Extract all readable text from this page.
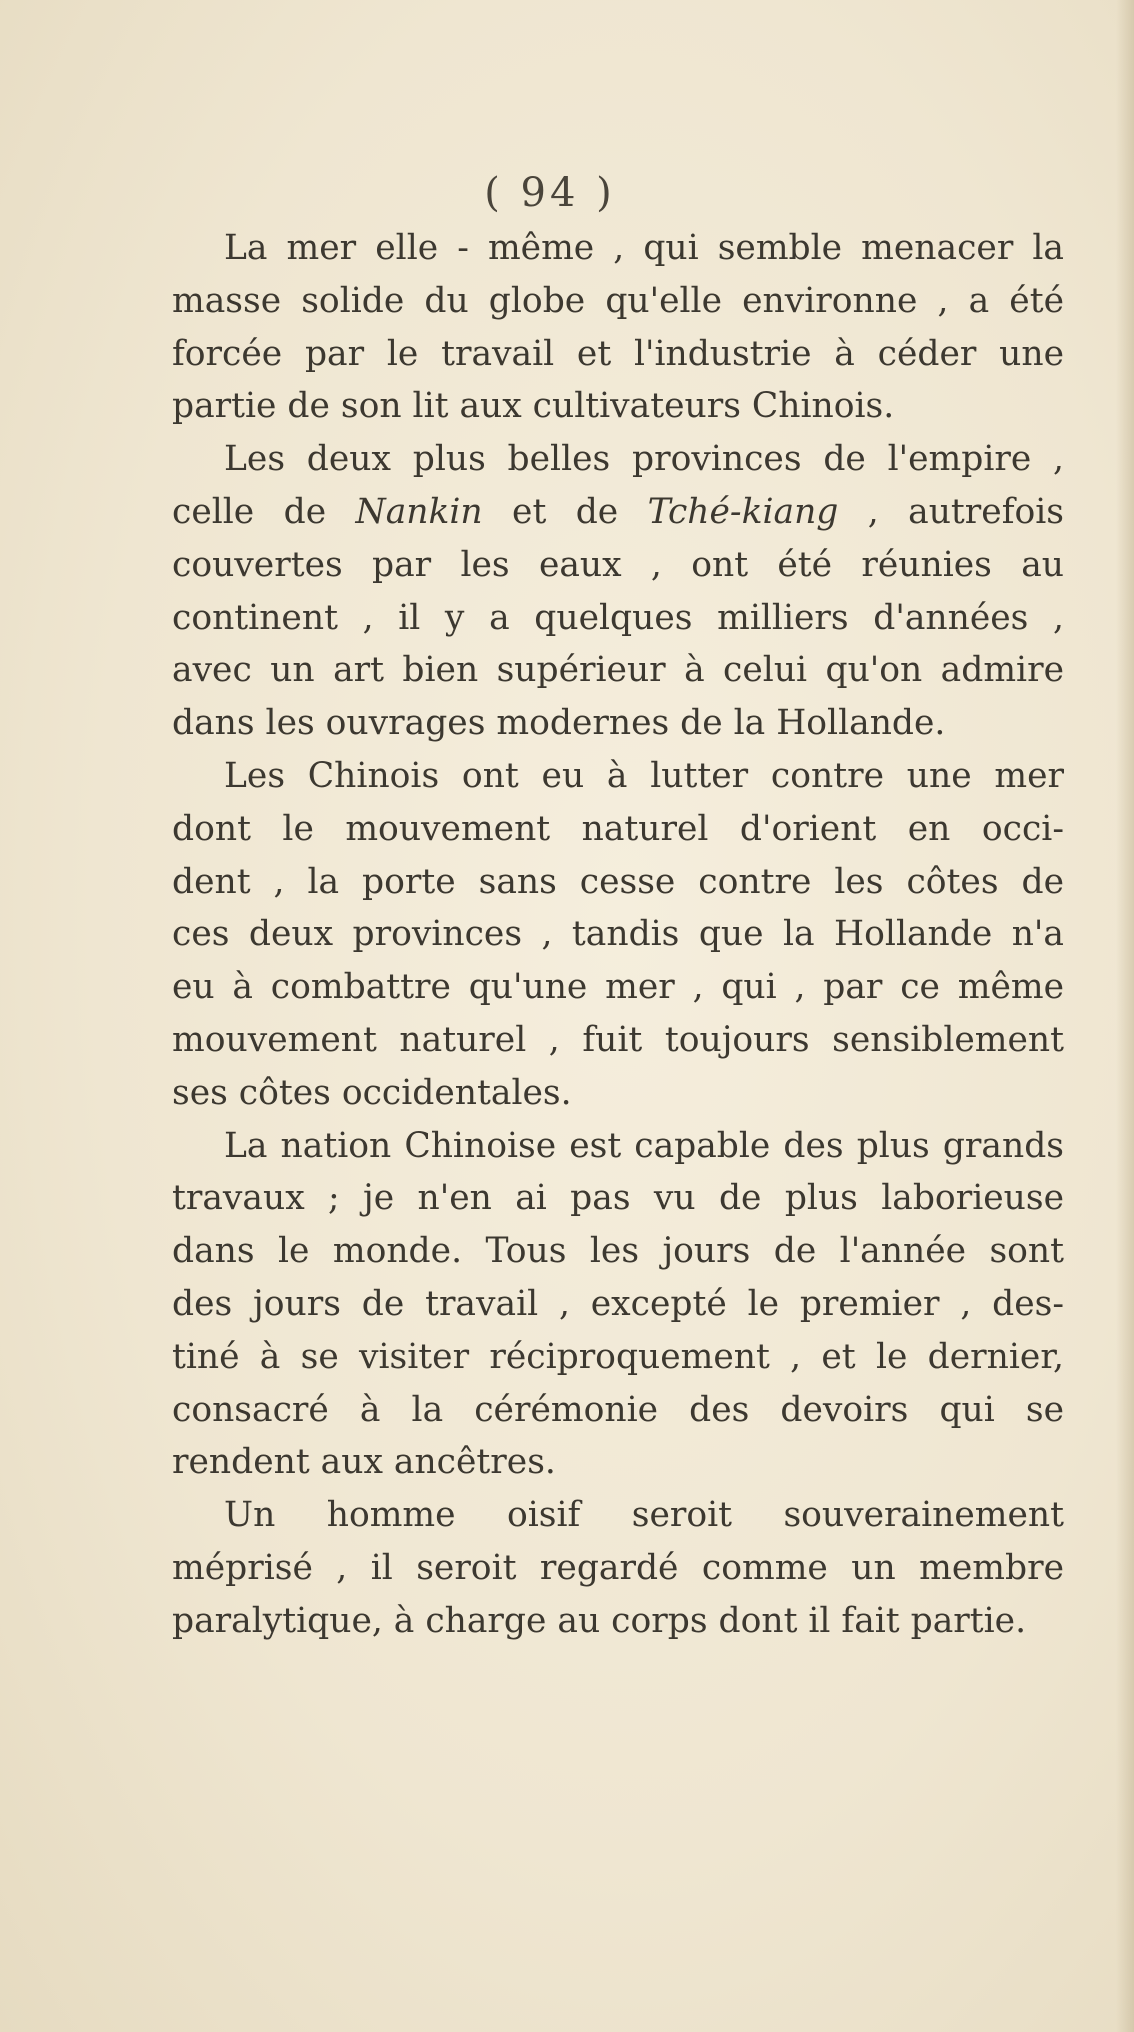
( 94 )

La mer elle - même , qui semble menacer la
masse solide du globe qu'elle environne , a été
forcée par le travail et l'industrie à céder une
partie de son lit aux cultivateurs Chinois.

Les deux plus belles provinces de l'empire ,
celle de Nankin et de Tché-kiang , autrefois
couvertes par les eaux , ont été réunies au
continent , il y a quelques milliers d'années ,
avec un art bien supérieur à celui qu'on admire
dans les ouvrages modernes de la Hollande.

Les Chinois ont eu à lutter contre une mer
dont le mouvement naturel d'orient en occi-
dent , la porte sans cesse contre les côtes de
ces deux provinces , tandis que la Hollande n'a
eu à combattre qu'une mer , qui , par ce même
mouvement naturel , fuit toujours sensiblement
ses côtes occidentales.

La nation Chinoise est capable des plus grands
travaux ; je n'en ai pas vu de plus laborieuse
dans le monde. Tous les jours de l'année sont
des jours de travail , excepté le premier , des-
tiné à se visiter réciproquement , et le dernier,
consacré à la cérémonie des devoirs qui se
rendent aux ancêtres.

Un homme oisif seroit souverainement
méprisé , il seroit regardé comme un membre
paralytique, à charge au corps dont il fait partie.
